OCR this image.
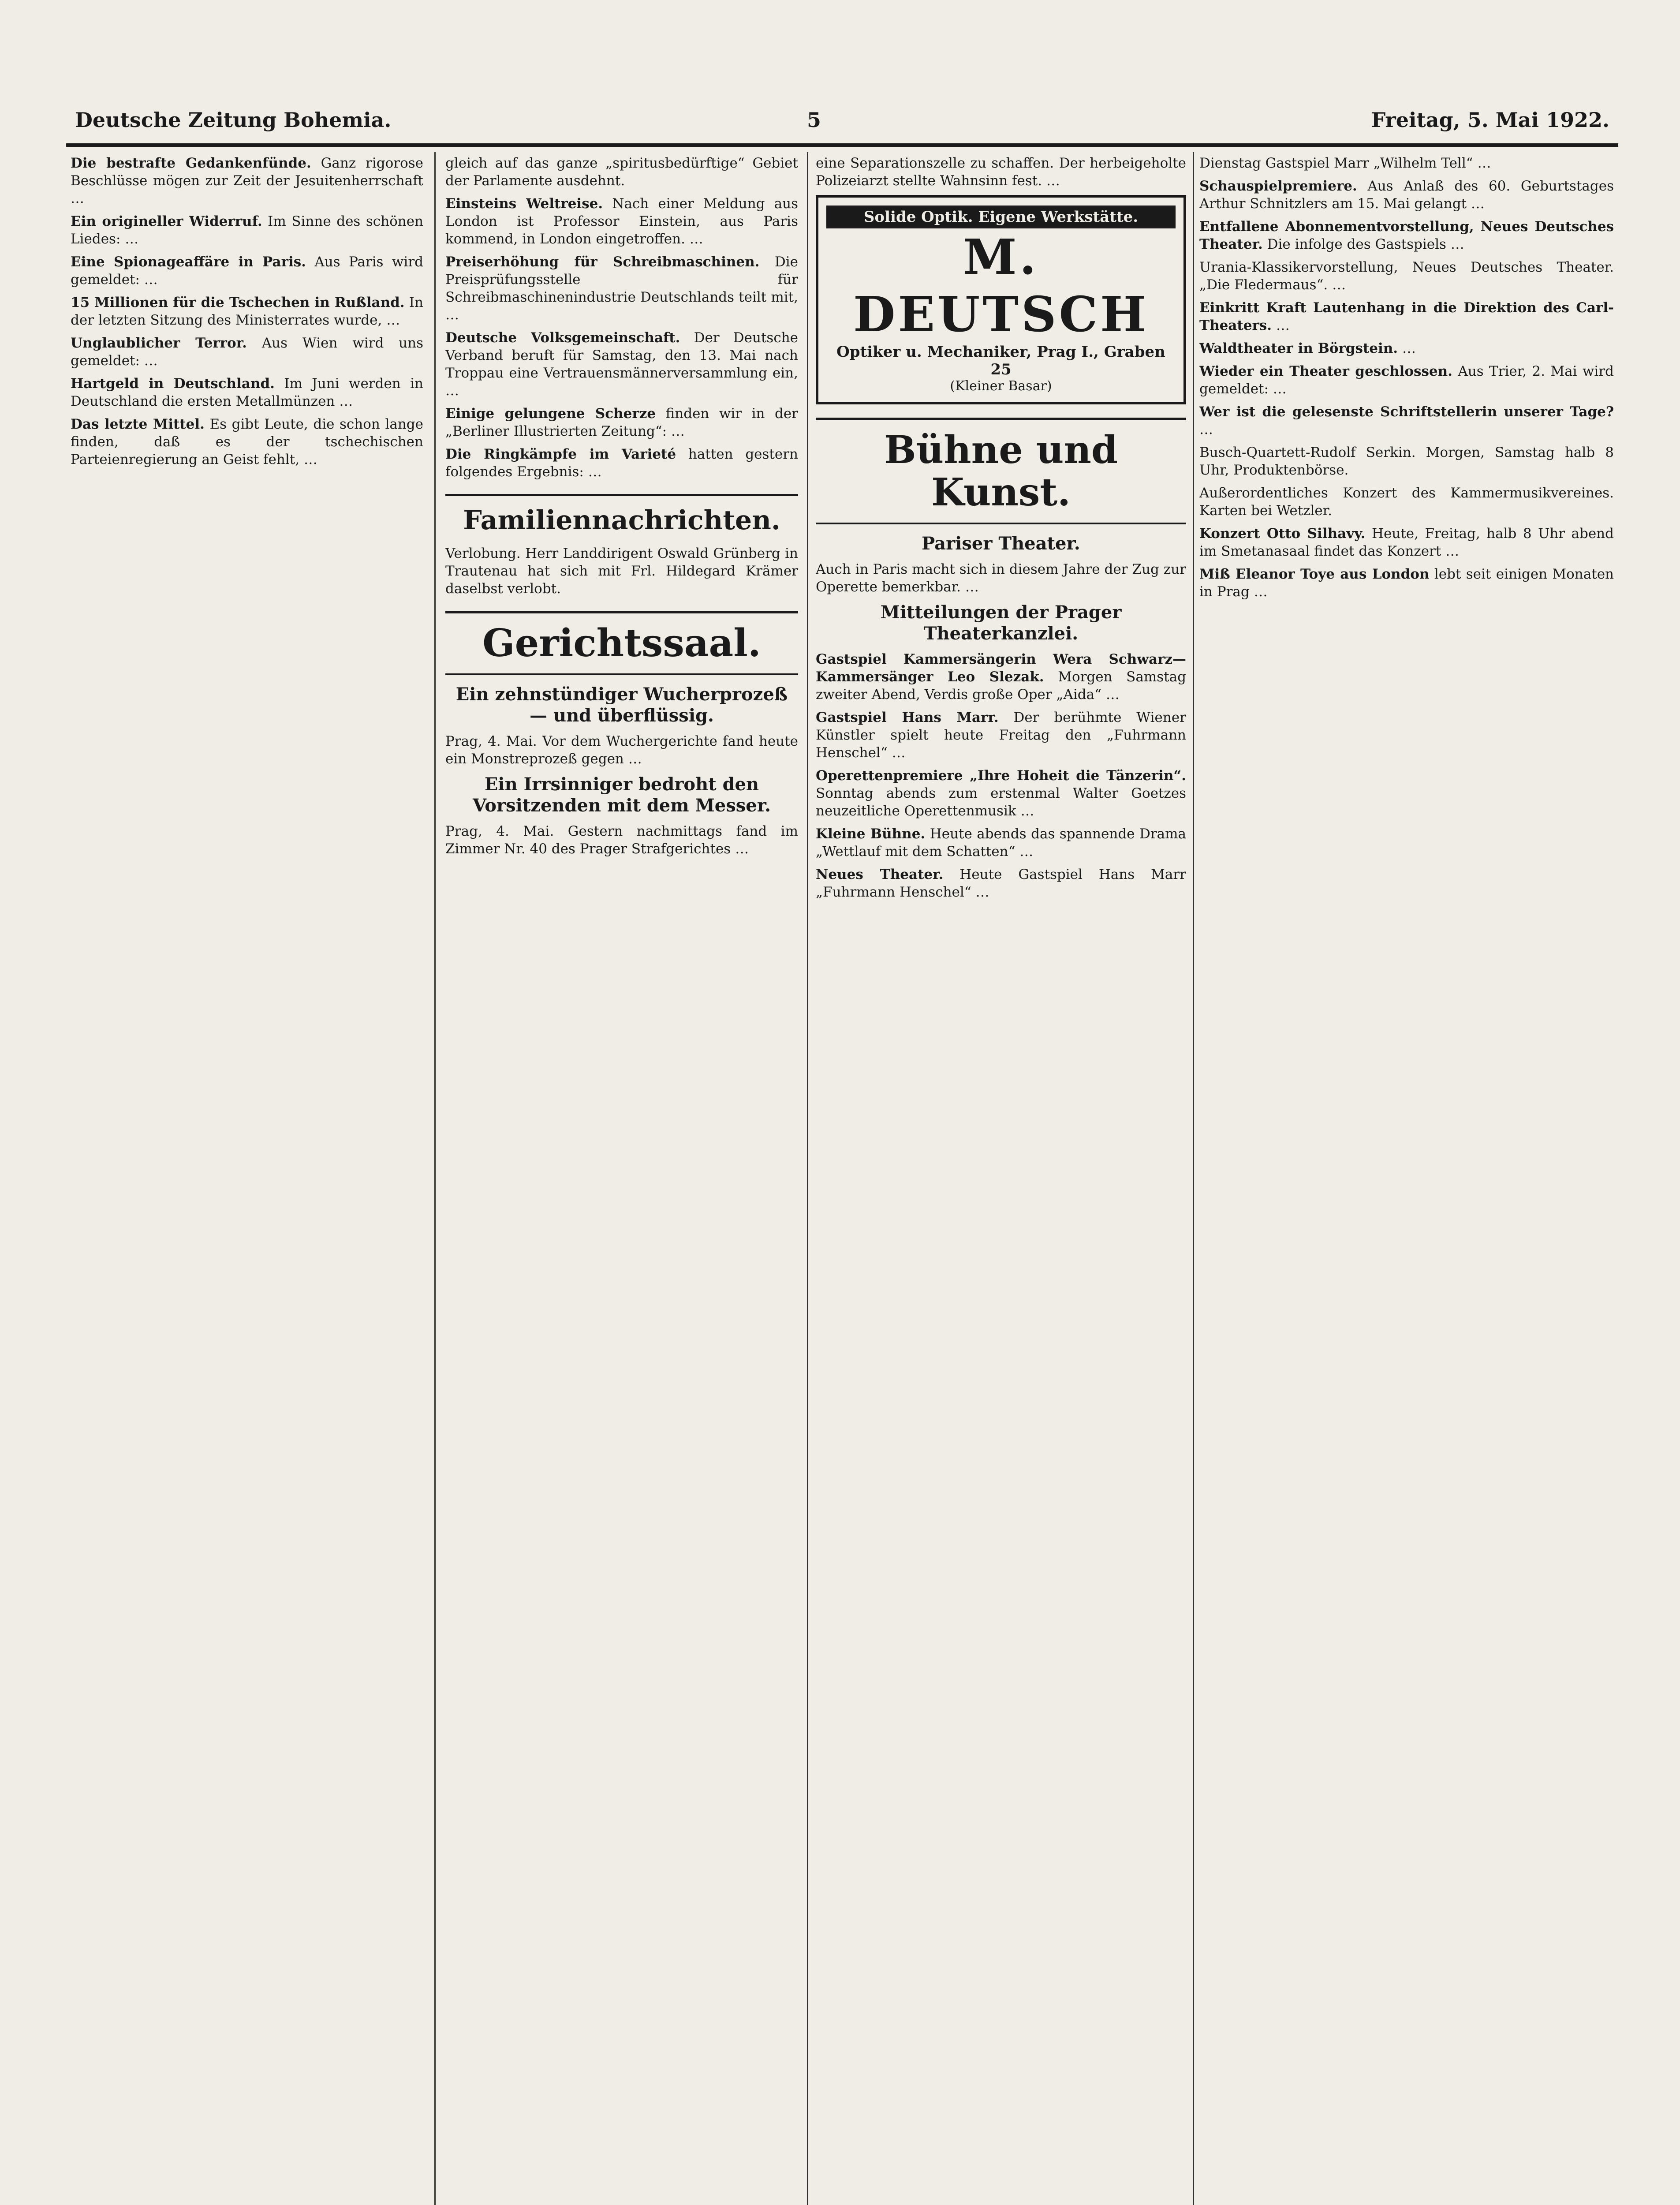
Deutsche Zeitung Bohemia.	5	Freitag, 5. Mai 1922.

Die bestrafte Gedankenfünde. Ganz rigorose Beschlüsse mögen zur Zeit der Jesuitenherrschaft …

Ein origineller Widerruf. Im Sinne des schönen Liedes: …

Eine Spionageaffäre in Paris. Aus Paris wird gemeldet: …

15 Millionen für die Tschechen in Rußland. In der letzten Sitzung des Ministerrates wurde, …

Unglaublicher Terror. Aus Wien wird uns gemeldet: …

Hartgeld in Deutschland. Im Juni werden in Deutschland die ersten Metallmünzen …

Das letzte Mittel. Es gibt Leute, die schon lange finden, daß es der tschechischen Parteienregierung an Geist fehlt, …

gleich auf das ganze „spiritusbedürftige“ Gebiet der Parlamente ausdehnt.

Einsteins Weltreise. Nach einer Meldung aus London ist Professor Einstein, aus Paris kommend, in London eingetroffen. …

Preiserhöhung für Schreibmaschinen. Die Preisprüfungsstelle für Schreibmaschinenindustrie Deutschlands teilt mit, …

Deutsche Volksgemeinschaft. Der Deutsche Verband beruft für Samstag, den 13. Mai nach Troppau eine Vertrauensmännerversammlung ein, …

Einige gelungene Scherze finden wir in der „Berliner Illustrierten Zeitung“: …

Die Ringkämpfe im Varieté hatten gestern folgendes Ergebnis: …

Familiennachrichten.

Verlobung. Herr Landdirigent Oswald Grünberg in Trautenau hat sich mit Frl. Hildegard Krämer daselbst verlobt.

Gerichtssaal.
Ein zehnstündiger Wucherprozeß — und überflüssig.

Prag, 4. Mai. Vor dem Wuchergerichte fand heute ein Monstreprozeß gegen …

Ein Irrsinniger bedroht den Vorsitzenden mit dem Messer.

Prag, 4. Mai. Gestern nachmittags fand im Zimmer Nr. 40 des Prager Strafgerichtes …

eine Separationszelle zu schaffen. Der herbeigeholte Polizeiarzt stellte Wahnsinn fest. …

Solide Optik. Eigene Werkstätte.
M. DEUTSCH
Optiker u. Mechaniker, Prag I., Graben 25
(Kleiner Basar)
Bühne und Kunst.
Pariser Theater.

Auch in Paris macht sich in diesem Jahre der Zug zur Operette bemerkbar. …

Mitteilungen der Prager Theaterkanzlei.

Gastspiel Kammersängerin Wera Schwarz— Kammersänger Leo Slezak. Morgen Samstag zweiter Abend, Verdis große Oper „Aida“ …

Gastspiel Hans Marr. Der berühmte Wiener Künstler spielt heute Freitag den „Fuhrmann Henschel“ …

Operettenpremiere „Ihre Hoheit die Tänzerin“. Sonntag abends zum erstenmal Walter Goetzes neuzeitliche Operettenmusik …

Kleine Bühne. Heute abends das spannende Drama „Wettlauf mit dem Schatten“ …

Neues Theater. Heute Gastspiel Hans Marr „Fuhrmann Henschel“ …

Dienstag Gastspiel Marr „Wilhelm Tell“ …

Schauspielpremiere. Aus Anlaß des 60. Geburtstages Arthur Schnitzlers am 15. Mai gelangt …

Entfallene Abonnementvorstellung, Neues Deutsches Theater. Die infolge des Gastspiels …

Urania-Klassikervorstellung, Neues Deutsches Theater. „Die Fledermaus“. …

Einkritt Kraft Lautenhang in die Direktion des Carl-Theaters. …

Waldtheater in Börgstein. …

Wieder ein Theater geschlossen. Aus Trier, 2. Mai wird gemeldet: …

Wer ist die gelesenste Schriftstellerin unserer Tage? …

Busch-Quartett-Rudolf Serkin. Morgen, Samstag halb 8 Uhr, Produktenbörse.

Außerordentliches Konzert des Kammermusikvereines. Karten bei Wetzler.

Konzert Otto Silhavy. Heute, Freitag, halb 8 Uhr abend im Smetanasaal findet das Konzert …

Miß Eleanor Toye aus London lebt seit einigen Monaten in Prag …
